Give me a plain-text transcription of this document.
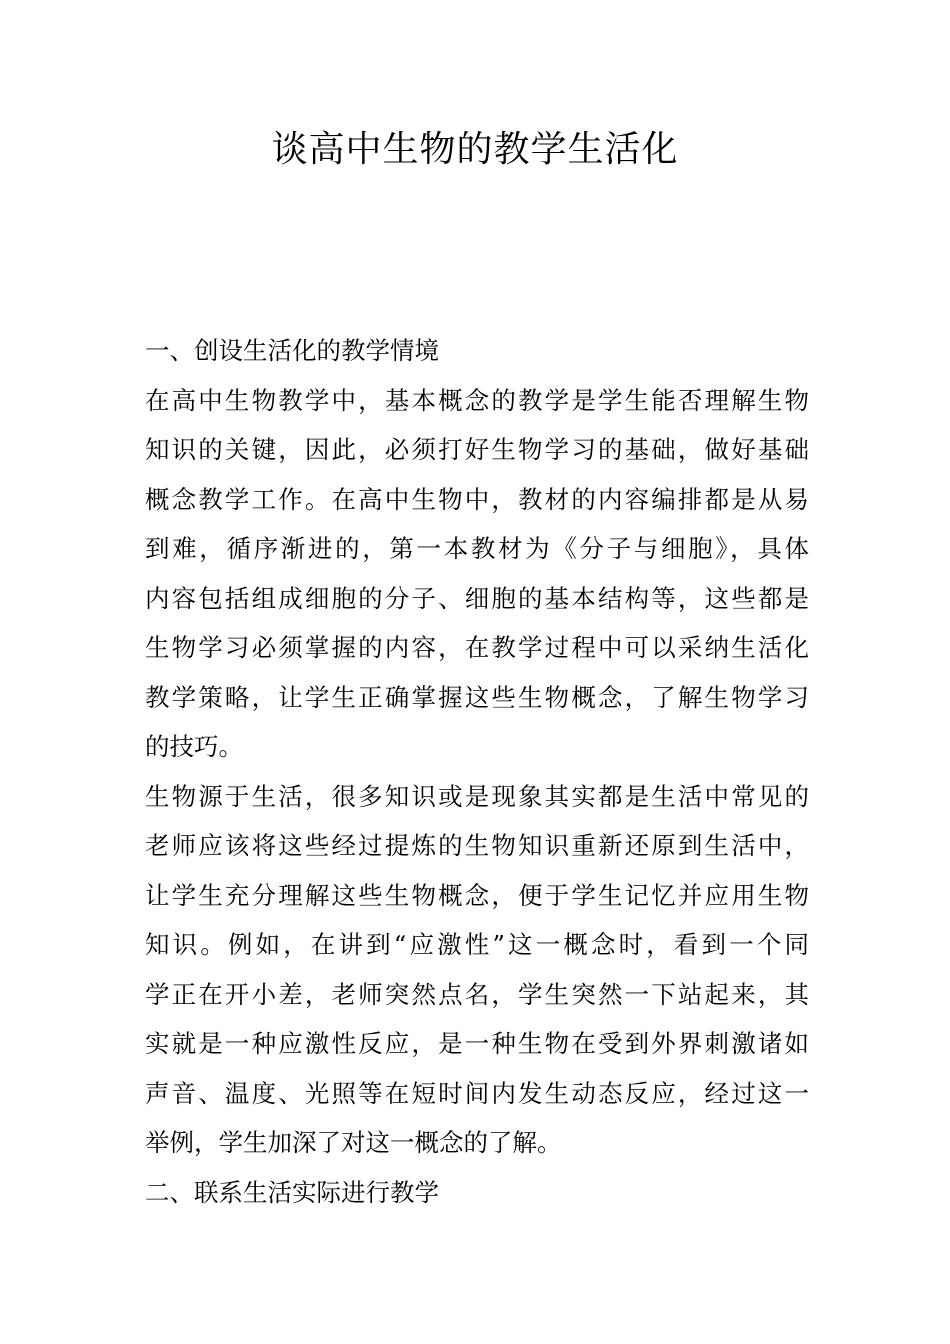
谈高中生物的教学生活化
一、创设生活化的教学情境
在高中生物教学中，基本概念的教学是学生能否理解生物
知识的关键，因此，必须打好生物学习的基础，做好基础
概念教学工作。在高中生物中，教材的内容编排都是从易
到难，循序渐进的，第一本教材为《分子与细胞》，具体
内容包括组成细胞的分子、细胞的基本结构等，这些都是
生物学习必须掌握的内容，在教学过程中可以采纳生活化
教学策略，让学生正确掌握这些生物概念，了解生物学习
的技巧。
生物源于生活，很多知识或是现象其实都是生活中常见的
老师应该将这些经过提炼的生物知识重新还原到生活中，
让学生充分理解这些生物概念，便于学生记忆并应用生物
知识。例如，在讲到“应激性”这一概念时，看到一个同
学正在开小差，老师突然点名，学生突然一下站起来，其
实就是一种应激性反应，是一种生物在受到外界刺激诸如
声音、温度、光照等在短时间内发生动态反应，经过这一
举例，学生加深了对这一概念的了解。
二、联系生活实际进行教学
